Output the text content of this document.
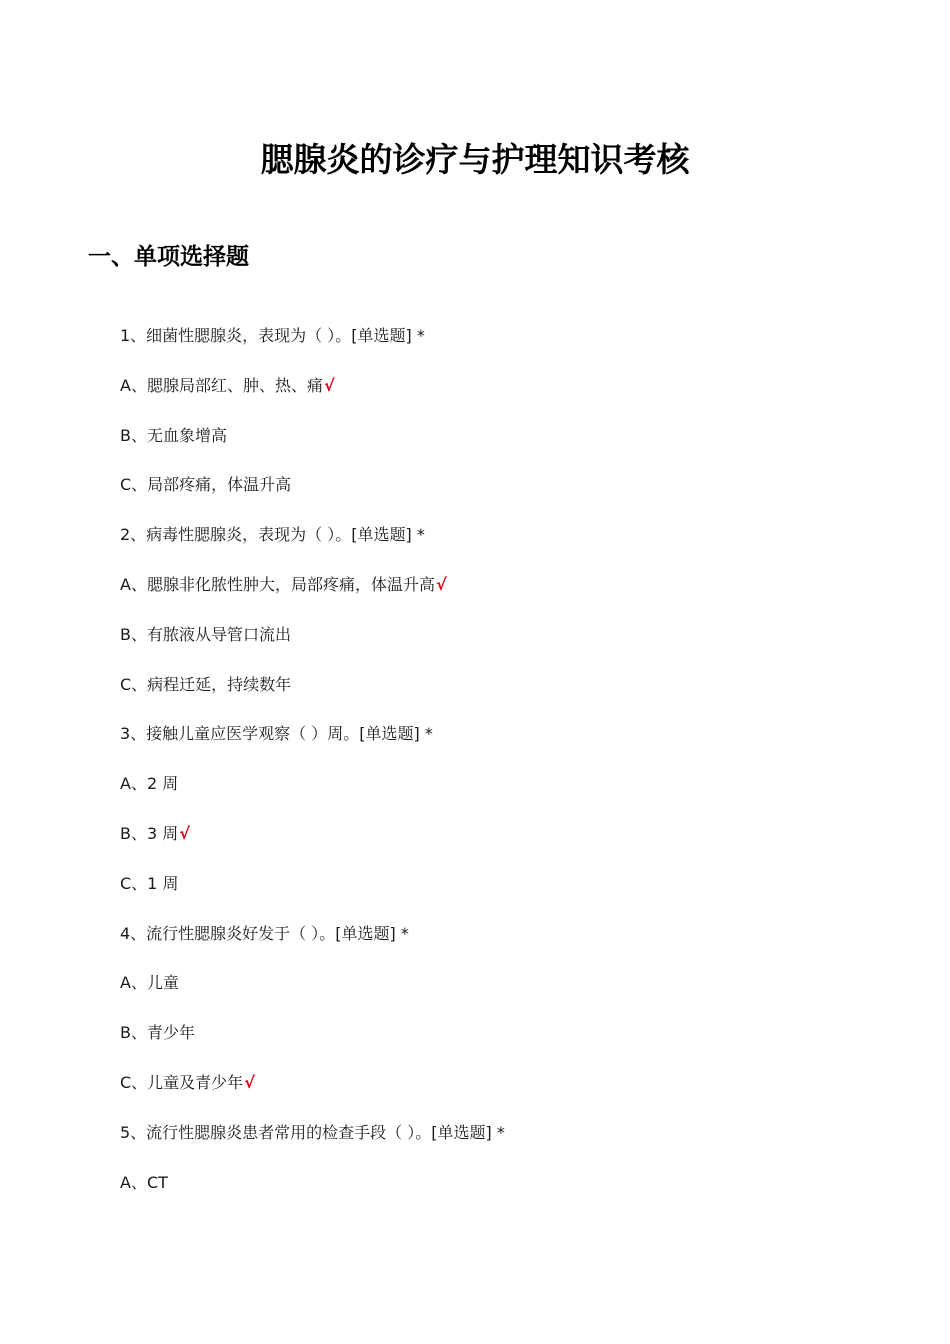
腮腺炎的诊疗与护理知识考核
一、单项选择题
1、细菌性腮腺炎，表现为（ ）。[单选题] *
A、腮腺局部红、肿、热、痛√
B、无血象增高
C、局部疼痛，体温升高
2、病毒性腮腺炎，表现为（ ）。[单选题] *
A、腮腺非化脓性肿大，局部疼痛，体温升高√
B、有脓液从导管口流出
C、病程迁延，持续数年
3、接触儿童应医学观察（ ）周。[单选题] *
A、2 周
B、3 周√
C、1 周
4、流行性腮腺炎好发于（ ）。[单选题] *
A、儿童
B、青少年
C、儿童及青少年√
5、流行性腮腺炎患者常用的检查手段（ ）。[单选题] *
A、CT
